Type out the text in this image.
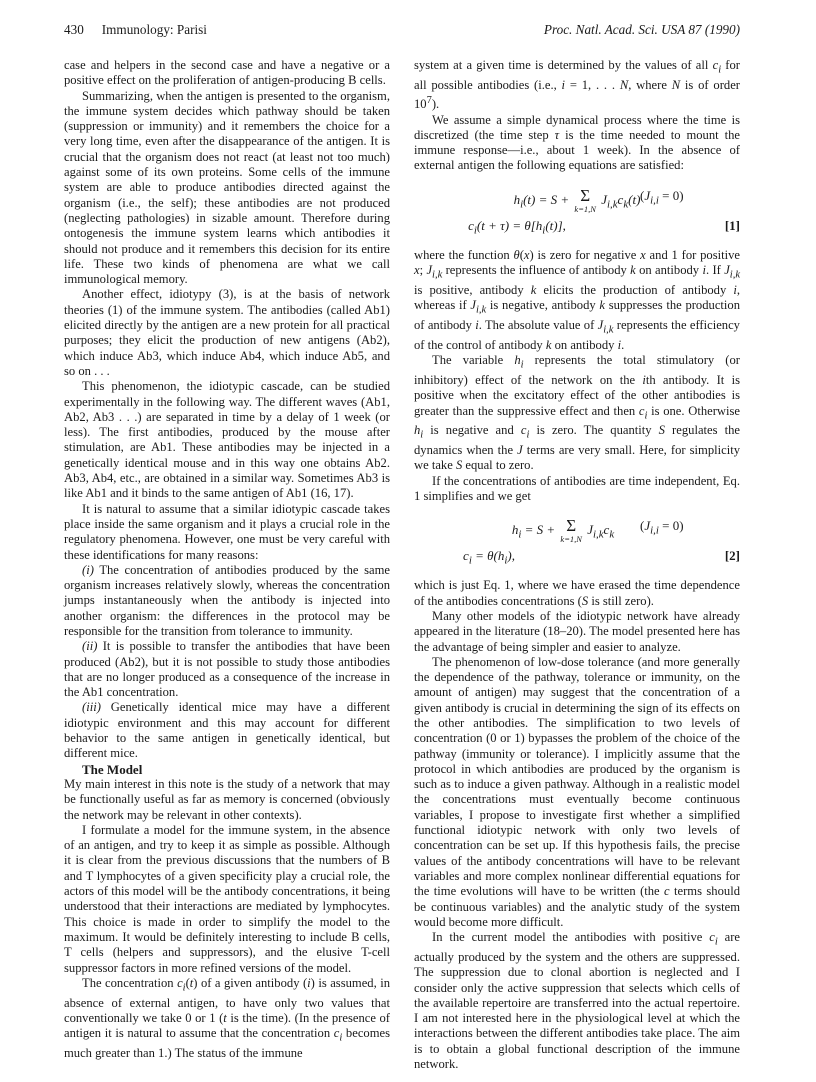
430 Immunology: Parisi	Proc. Natl. Acad. Sci. USA 87 (1990)

case and helpers in the second case and have a negative or a positive effect on the proliferation of antigen-producing B cells.

Summarizing, when the antigen is presented to the organism, the immune system decides which pathway should be taken (suppression or immunity) and it remembers the choice for a very long time, even after the disappearance of the antigen. It is crucial that the organism does not react (at least not too much) against some of its own proteins. Some cells of the immune system are able to produce antibodies directed against the organism (i.e., the self); these antibodies are not produced (neglecting pathologies) in sizable amount. Therefore during ontogenesis the immune system learns which antibodies it should not produce and it remembers this decision for its entire life. These two kinds of phenomena are what we call immunological memory.

Another effect, idiotypy (3), is at the basis of network theories (1) of the immune system. The antibodies (called Ab1) elicited directly by the antigen are a new protein for all practical purposes; they elicit the production of new antigens (Ab2), which induce Ab3, which induce Ab4, which induce Ab5, and so on . . .

This phenomenon, the idiotypic cascade, can be studied experimentally in the following way. The different waves (Ab1, Ab2, Ab3 . . .) are separated in time by a delay of 1 week (or less). The first antibodies, produced by the mouse after stimulation, are Ab1. These antibodies may be injected in a genetically identical mouse and in this way one obtains Ab2. Ab3, Ab4, etc., are obtained in a similar way. Sometimes Ab3 is like Ab1 and it binds to the same antigen of Ab1 (16, 17).

It is natural to assume that a similar idiotypic cascade takes place inside the same organism and it plays a crucial role in the regulatory phenomena. However, one must be very careful with these identifications for many reasons:

(i) The concentration of antibodies produced by the same organism increases relatively slowly, whereas the concentration jumps instantaneously when the antibody is injected into another organism: the differences in the protocol may be responsible for the transition from tolerance to immunity.

(ii) It is possible to transfer the antibodies that have been produced (Ab2), but it is not possible to study those antibodies that are no longer produced as a consequence of the increase in the Ab1 concentration.

(iii) Genetically identical mice may have a different idiotypic environment and this may account for different behavior to the same antigen in genetically identical, but different mice.

The Model

My main interest in this note is the study of a network that may be functionally useful as far as memory is concerned (obviously the network may be relevant in other contexts).

I formulate a model for the immune system, in the absence of an antigen, and try to keep it as simple as possible. Although it is clear from the previous discussions that the numbers of B and T lymphocytes of a given specificity play a crucial role, the actors of this model will be the antibody concentrations, it being understood that their interactions are mediated by lymphocytes. This choice is made in order to simplify the model to the maximum. It would be definitely interesting to include B cells, T cells (helpers and suppressors), and the elusive T-cell suppressor factors in more refined versions of the model.

The concentration $c_i(t)$ of a given antibody (i) is assumed, in absence of external antigen, to have only two values that conventionally we take 0 or 1 (t is the time). (In the presence of antigen it is natural to assume that the concentration $c_i$ becomes much greater than 1.) The status of the immune

system at a given time is determined by the values of all $c_i$ for all possible antibodies (i.e., i = 1, . . . N, where N is of order $10^7$).

We assume a simple dynamical process where the time is discretized (the time step τ is the time needed to mount the immune response—i.e., about 1 week). In the absence of external antigen the following equations are satisfied:

$h_i(t) = S + \Sigma$
k=1,N
$J_{i,k}c_k(t) (J_{i,i} = 0)$
$c_i(t + \tau) = \theta[h_i(t)]$,	[1]

where the function θ(x) is zero for negative x and 1 for positive x; $J_{i,k}$ represents the influence of antibody k on antibody i. If $J_{i,k}$ is positive, antibody k elicits the production of antibody i, whereas if $J_{i,k}$ is negative, antibody k suppresses the production of antibody i. The absolute value of $J_{i,k}$ represents the efficiency of the control of antibody k on antibody i.

The variable $h_i$ represents the total stimulatory (or inhibitory) effect of the network on the ith antibody. It is positive when the excitatory effect of the other antibodies is greater than the suppressive effect and then $c_i$ is one. Otherwise $h_i$ is negative and $c_i$ is zero. The quantity S regulates the dynamics when the J terms are very small. Here, for simplicity we take S equal to zero.

If the concentrations of antibodies are time independent, Eq. 1 simplifies and we get

$h_i = S + \Sigma$
k=1,N
$J_{i,k}c_k$
$(J_{i,i} = 0)$
$c_i = \theta(h_i)$,	[2]

which is just Eq. 1, where we have erased the time dependence of the antibodies concentrations (S is still zero).

Many other models of the idiotypic network have already appeared in the literature (18–20). The model presented here has the advantage of being simpler and easier to analyze.

The phenomenon of low-dose tolerance (and more generally the dependence of the pathway, tolerance or immunity, on the amount of antigen) may suggest that the concentration of a given antibody is crucial in determining the sign of its effects on the other antibodies. The simplification to two levels of concentration (0 or 1) bypasses the problem of the choice of the pathway (immunity or tolerance). I implicitly assume that the protocol in which antibodies are produced by the organism is such as to induce a given pathway. Although in a realistic model the concentrations must eventually become continuous variables, I propose to investigate first whether a simplified functional idiotypic network with only two levels of concentration can be set up. If this hypothesis fails, the precise values of the antibody concentrations will have to be relevant variables and more complex nonlinear differential equations for the time evolutions will have to be written (the c terms should be continuous variables) and the analytic study of the system would become more difficult.

In the current model the antibodies with positive $c_i$ are actually produced by the system and the others are suppressed. The suppression due to clonal abortion is neglected and I consider only the active suppression that selects which cells of the available repertoire are transferred into the actual repertoire. I am not interested here in the physiological level at which the interactions between the different antibodies take place. The aim is to obtain a global functional description of the immune network.
